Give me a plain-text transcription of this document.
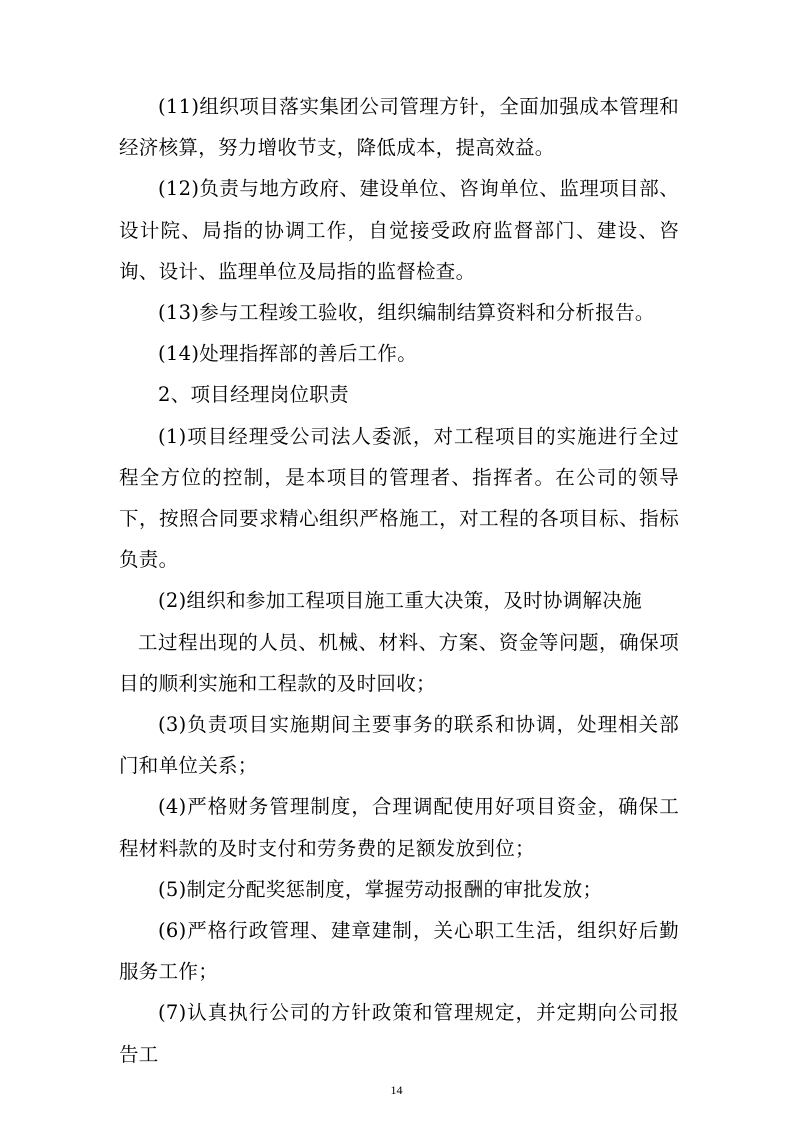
(11)组织项目落实集团公司管理方针，全面加强成本管理和经济核算，努力增收节支，降低成本，提高效益。

(12)负责与地方政府、建设单位、咨询单位、监理项目部、设计院、局指的协调工作，自觉接受政府监督部门、建设、咨询、设计、监理单位及局指的监督检查。

(13)参与工程竣工验收，组织编制结算资料和分析报告。

(14)处理指挥部的善后工作。

2、项目经理岗位职责

(1)项目经理受公司法人委派，对工程项目的实施进行全过程全方位的控制，是本项目的管理者、指挥者。在公司的领导下，按照合同要求精心组织严格施工，对工程的各项目标、指标负责。

(2)组织和参加工程项目施工重大决策，及时协调解决施

工过程出现的人员、机械、材料、方案、资金等问题，确保项目的顺利实施和工程款的及时回收；

(3)负责项目实施期间主要事务的联系和协调，处理相关部门和单位关系；

(4)严格财务管理制度，合理调配使用好项目资金，确保工程材料款的及时支付和劳务费的足额发放到位；

(5)制定分配奖惩制度，掌握劳动报酬的审批发放；

(6)严格行政管理、建章建制，关心职工生活，组织好后勤服务工作；

(7)认真执行公司的方针政策和管理规定，并定期向公司报告工

14
